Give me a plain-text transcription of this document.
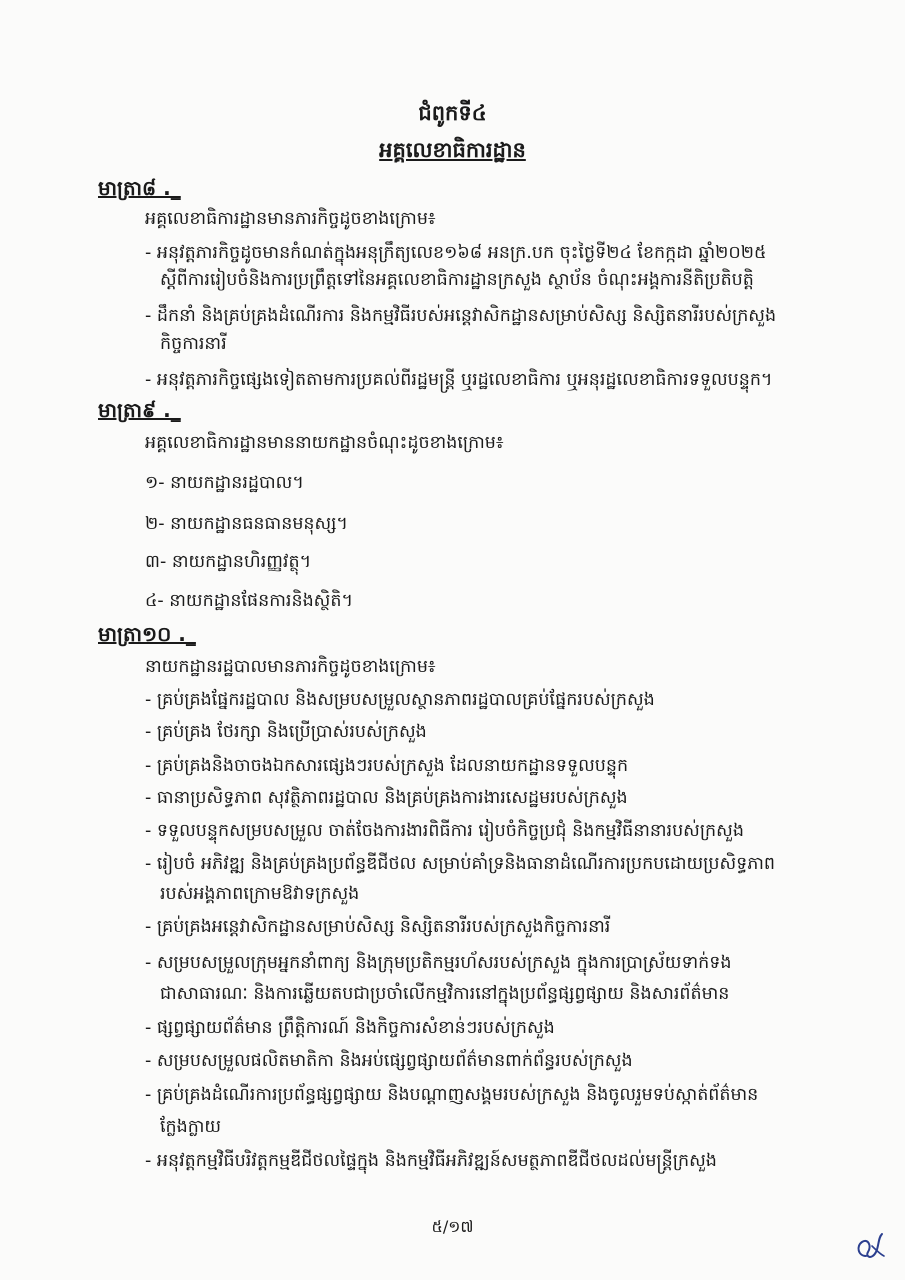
ជំពូកទី៤
អគ្គលេខាធិការដ្ឋាន
មាត្រា៨ ._
អគ្គលេខាធិការដ្ឋានមានភារកិច្ចដូចខាងក្រោម៖
- អនុវត្តភារកិច្ចដូចមានកំណត់ក្នុងអនុក្រឹត្យលេខ១៦៨ អនក្រ.បក ចុះថ្ងៃទី២៤ ខែកក្កដា ឆ្នាំ២០២៥
ស្ដីពីការរៀបចំនិងការប្រព្រឹត្តទៅនៃអគ្គលេខាធិការដ្ឋានក្រសួង ស្ថាប័ន ចំណុះអង្គការនីតិប្រតិបត្តិ
- ដឹកនាំ និងគ្រប់គ្រងដំណើរការ និងកម្មវិធីរបស់អន្តេវាសិកដ្ឋានសម្រាប់សិស្ស និស្សិតនារីរបស់ក្រសួង
កិច្ចការនារី
- អនុវត្តភារកិច្ចផ្សេងទៀតតាមការប្រគល់ពីរដ្ឋមន្ត្រី ឬរដ្ឋលេខាធិការ ឬអនុរដ្ឋលេខាធិការទទួលបន្ទុក។
មាត្រា៩ ._
អគ្គលេខាធិការដ្ឋានមាននាយកដ្ឋានចំណុះដូចខាងក្រោម៖
១- នាយកដ្ឋានរដ្ឋបាល។
២- នាយកដ្ឋានធនធានមនុស្ស។
៣- នាយកដ្ឋានហិរញ្ញវត្ថុ។
៤- នាយកដ្ឋានផែនការនិងស្ថិតិ។
មាត្រា១០ ._
នាយកដ្ឋានរដ្ឋបាលមានភារកិច្ចដូចខាងក្រោម៖
- គ្រប់គ្រងផ្នែករដ្ឋបាល និងសម្របសម្រួលស្ថានភាពរដ្ឋបាលគ្រប់ផ្នែករបស់ក្រសួង
- គ្រប់គ្រង ថែរក្សា និងប្រើប្រាស់របស់ក្រសួង
- គ្រប់គ្រងនិងចាចងឯកសារផ្សេងៗរបស់ក្រសួង ដែលនាយកដ្ឋានទទួលបន្ទុក
- ធានាប្រសិទ្ធភាព សុវត្ថិភាពរដ្ឋបាល និងគ្រប់គ្រងការងារសេដ្ឋមរបស់ក្រសួង
- ទទួលបន្ទុកសម្របសម្រួល ចាត់ចែងការងារពិធីការ រៀបចំកិច្ចប្រជុំ និងកម្មវិធីនានារបស់ក្រសួង
- រៀបចំ អភិវឌ្ឍ និងគ្រប់គ្រងប្រព័ន្ធឌីជីថល សម្រាប់គាំទ្រនិងធានាដំណើរការប្រកបដោយប្រសិទ្ធភាព
របស់អង្គភាពក្រោមឱវាទក្រសួង
- គ្រប់គ្រងអន្តេវាសិកដ្ឋានសម្រាប់សិស្ស និស្សិតនារីរបស់ក្រសួងកិច្ចការនារី
- សម្របសម្រួលក្រុមអ្នកនាំពាក្យ និងក្រុមប្រតិកម្មរហ័សរបស់ក្រសួង ក្នុងការប្រាស្រ័យទាក់ទង
ជាសាធារណៈ និងការឆ្លើយតបជាប្រចាំលើកម្មវិការនៅក្នុងប្រព័ន្ធផ្សព្វផ្សាយ និងសារព័ត៌មាន
- ផ្សព្វផ្សាយព័ត៌មាន ព្រឹត្តិការណ៍ និងកិច្ចការសំខាន់ៗរបស់ក្រសួង
- សម្របសម្រួលផលិតមាតិកា និងអប់ផ្សេព្វផ្សាយព័ត៌មានពាក់ព័ន្ធរបស់ក្រសួង
- គ្រប់គ្រងដំណើរការប្រព័ន្ធផ្សព្វផ្សាយ និងបណ្តាញសង្គមរបស់ក្រសួង និងចូលរួមទប់ស្កាត់ព័ត៌មាន
ក្លែងក្លាយ
- អនុវត្តកម្មវិធីបរិវត្តកម្មឌីជីថលផ្ទៃក្នុង និងកម្មវិធីអភិវឌ្ឍន៍សមត្ថភាពឌីជីថលដល់មន្ត្រីក្រសួង
៥/១៧
